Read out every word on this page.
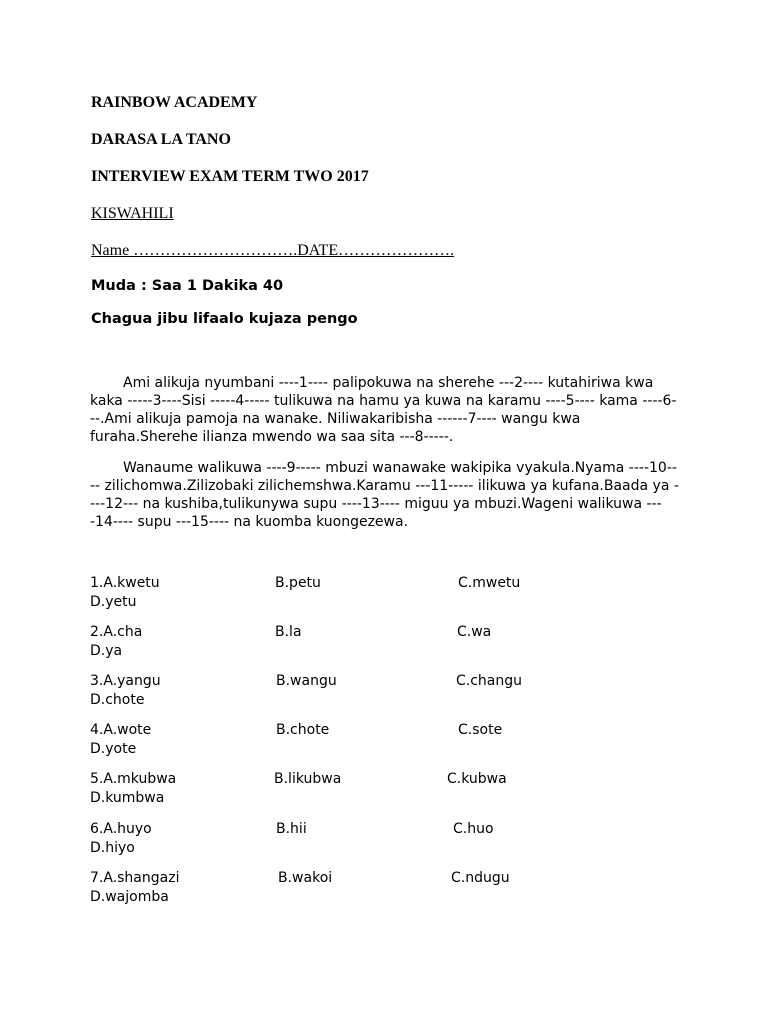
RAINBOW ACADEMY
DARASA LA TANO
INTERVIEW EXAM TERM TWO 2017
KISWAHILI
Name ………………………….DATE………………….
Muda : Saa 1 Dakika 40
Chagua jibu lifaalo kujaza pengo
Ami alikuja nyumbani ----1---- palipokuwa na sherehe ---2---- kutahiriwa kwa kaka -----3----Sisi -----4----- tulikuwa na hamu ya kuwa na karamu ----5---- kama ----6---.Ami alikuja pamoja na wanake. Niliwakaribisha ------7---- wangu kwa furaha.Sherehe ilianza mwendo wa saa sita ---8-----.
Wanaume walikuwa ----9----- mbuzi wanawake wakipika vyakula.Nyama ----10---- zilichomwa.Zilizobaki zilichemshwa.Karamu ---11----- ilikuwa ya kufana.Baada ya ----12--- na kushiba,tulikunywa supu ----13---- miguu ya mbuzi.Wageni walikuwa ----14---- supu ---15---- na kuomba kuongezewa.
1.A.kwetu	B.petu	C.mwetu
D.yetu
2.A.cha	B.la	C.wa
D.ya
3.A.yangu	B.wangu	C.changu
D.chote
4.A.wote	B.chote	C.sote
D.yote
5.A.mkubwa	B.likubwa	C.kubwa
D.kumbwa
6.A.huyo	B.hii	C.huo
D.hiyo
7.A.shangazi	B.wakoi	C.ndugu
D.wajomba
